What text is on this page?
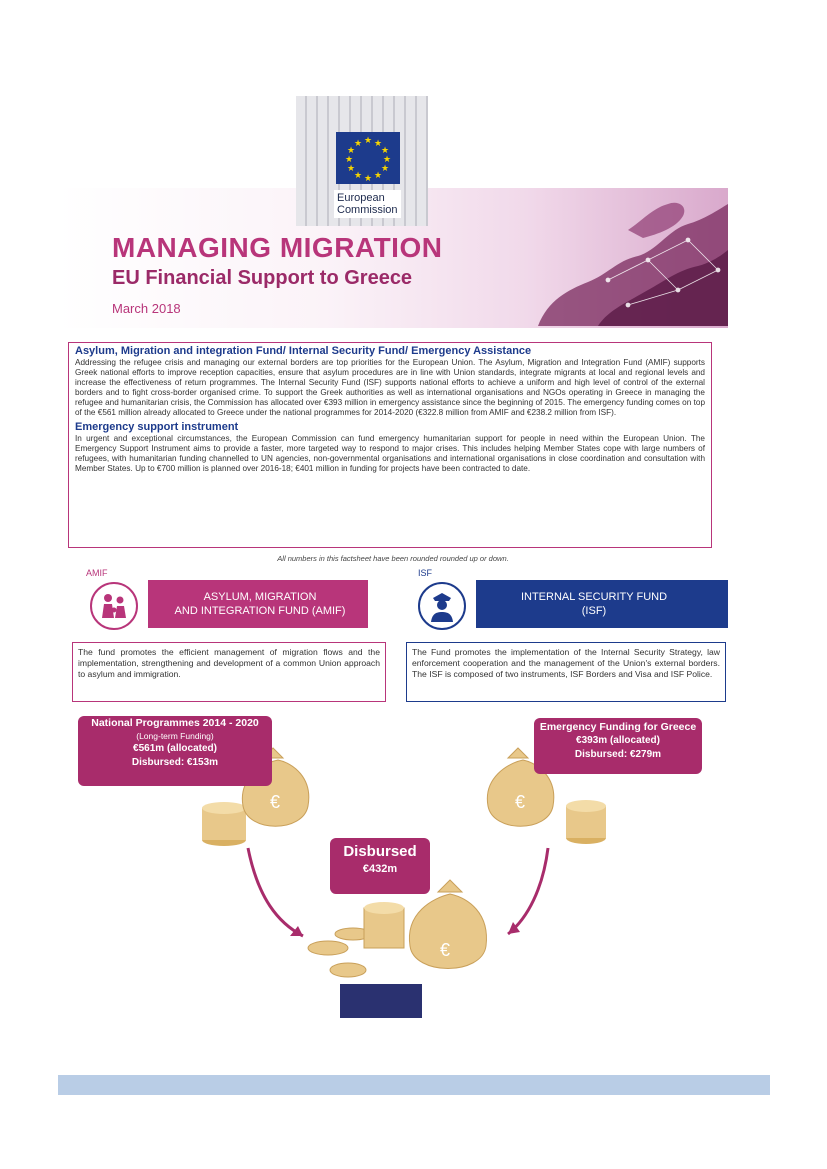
★ ★
★
★
★
★
★
★
★
★
★
★
European
Commission
MANAGING MIGRATION
EU Financial Support to Greece
March 2018

Asylum, Migration and integration Fund/ Internal Security Fund/ Emergency Assistance

Addressing the refugee crisis and managing our external borders are top priorities for the European Union. The Asylum, Migration and Integration Fund (AMIF) supports Greek national efforts to improve reception capacities, ensure that asylum procedures are in line with Union standards, integrate migrants at local and regional levels and increase the effectiveness of return programmes. The Internal Security Fund (ISF) supports national efforts to achieve a uniform and high level of control of the external borders and to fight cross-border organised crime. To support the Greek authorities as well as international organisations and NGOs operating in Greece in managing the refugee and humanitarian crisis, the Commission has allocated over €393 million in emergency assistance since the beginning of 2015. The emergency funding comes on top of the €561 million already allocated to Greece under the national programmes for 2014-2020 (€322.8 million from AMIF and €238.2 million from ISF).

Emergency support instrument

In urgent and exceptional circumstances, the European Commission can fund emergency humanitarian support for people in need within the European Union. The Emergency Support Instrument aims to provide a faster, more targeted way to respond to major crises. This includes helping Member States cope with large numbers of refugees, with humanitarian funding channelled to UN agencies, non-governmental organisations and international organisations in close coordination and consultation with Member States. Up to €700 million is planned over 2016-18; €401 million in funding for projects have been contracted to date.

All numbers in this factsheet have been rounded rounded up or down.
AMIF
ASYLUM, MIGRATION
AND INTEGRATION FUND (AMIF)
ISF
INTERNAL SECURITY FUND
(ISF)
The fund promotes the efficient management of migration flows and the implementation, strengthening and development of a common Union approach to asylum and immigration.
The Fund promotes the implementation of the Internal Security Strategy, law enforcement cooperation and the management of the Union's external borders. The ISF is composed of two instruments, ISF Borders and Visa and ISF Police.
€	€
€
National Programmes 2014 - 2020
(Long-term Funding)
€561m (allocated)
Disbursed: €153m
Emergency Funding for Greece
€393m (allocated)
Disbursed: €279m
Disbursed
€432m
